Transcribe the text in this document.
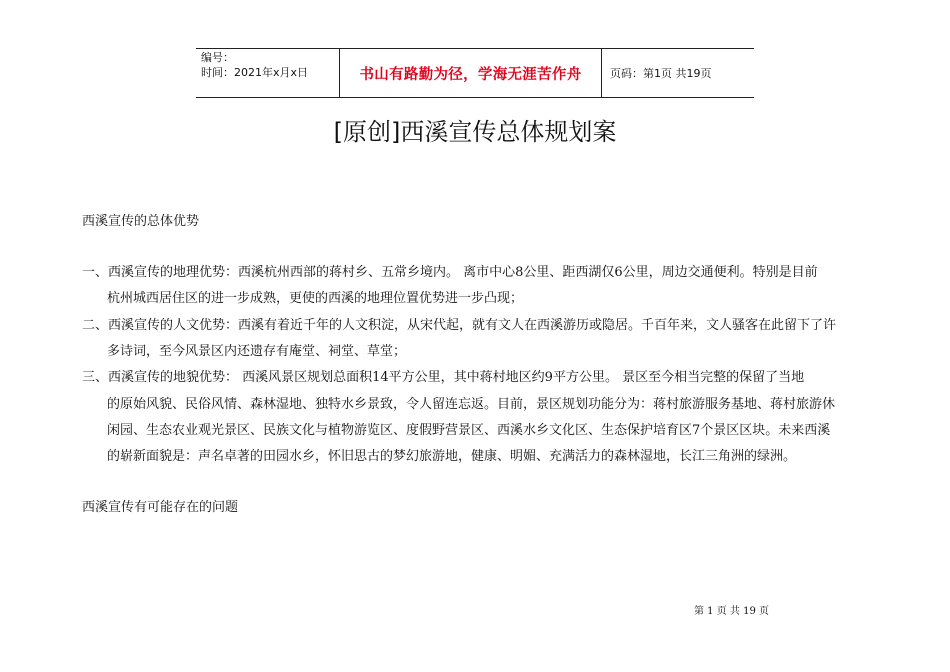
编号：
时间：2021年x月x日	书山有路勤为径，学海无涯苦作舟	页码：第1页 共19页
[原创]西溪宣传总体规划案
西溪宣传的总体优势
一、西溪宣传的地理优势：西溪杭州西部的蒋村乡、五常乡境内。 离市中心8公里、距西湖仅6公里，周边交通便利。特别是目前
杭州城西居住区的进一步成熟，更使的西溪的地理位置优势进一步凸现；
二、西溪宣传的人文优势：西溪有着近千年的人文积淀，从宋代起，就有文人在西溪游历或隐居。千百年来，文人骚客在此留下了许
多诗词，至今风景区内还遗存有庵堂、祠堂、草堂；
三、西溪宣传的地貌优势： 西溪风景区规划总面积14平方公里，其中蒋村地区约9平方公里。 景区至今相当完整的保留了当地
的原始风貌、民俗风情、森林湿地、独特水乡景致，令人留连忘返。目前，景区规划功能分为：蒋村旅游服务基地、蒋村旅游休
闲园、生态农业观光景区、民族文化与植物游览区、度假野营景区、西溪水乡文化区、生态保护培育区7个景区区块。未来西溪
的崭新面貌是：声名卓著的田园水乡，怀旧思古的梦幻旅游地，健康、明媚、充满活力的森林湿地，长江三角洲的绿洲。
西溪宣传有可能存在的问题
第 1 页 共 19 页
